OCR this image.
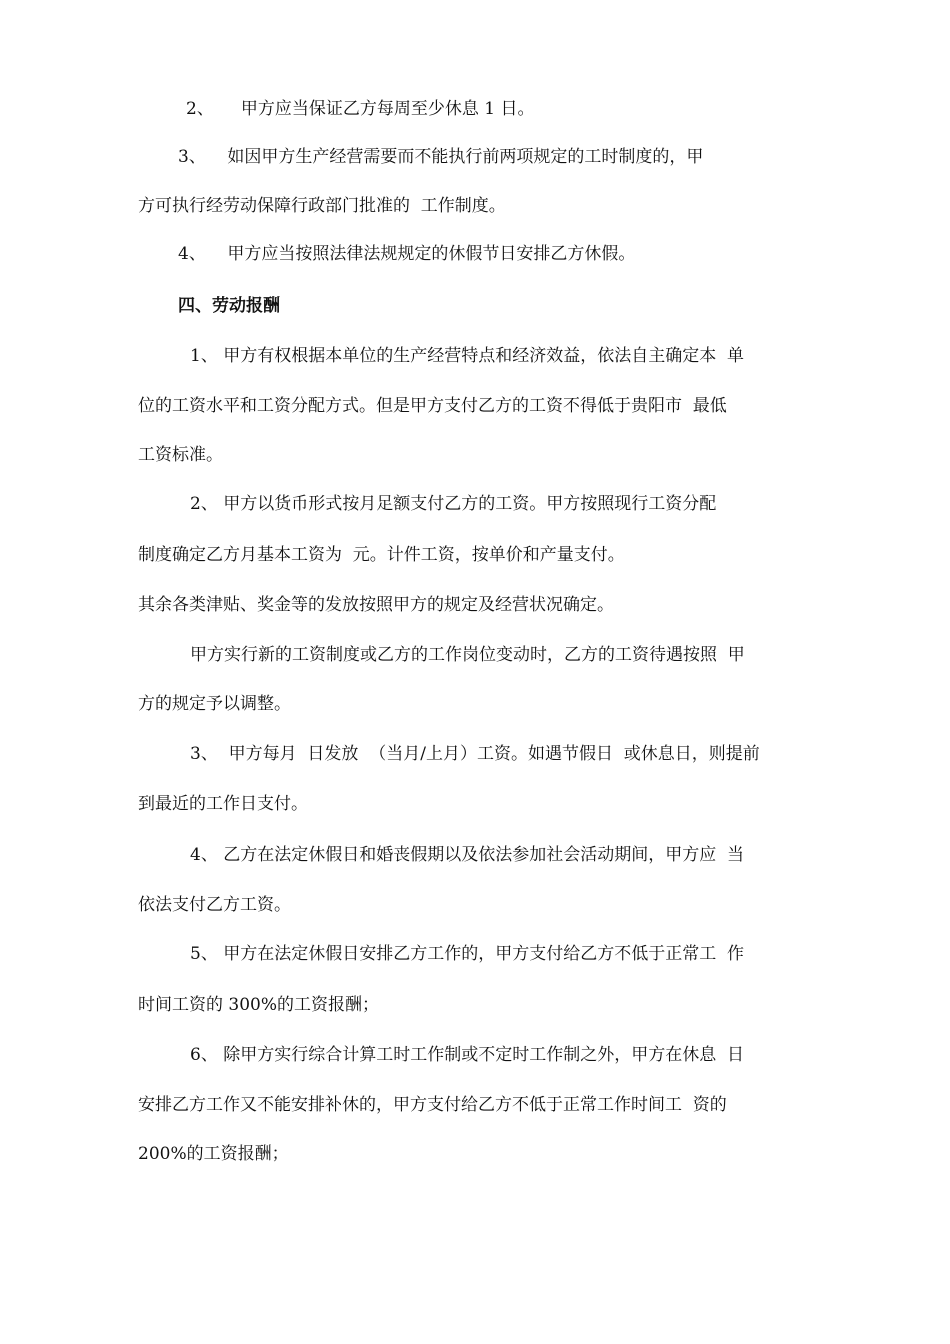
2、     甲方应当保证乙方每周至少休息 1 日。
3、    如因甲方生产经营需要而不能执行前两项规定的工时制度的，甲
方可执行经劳动保障行政部门批准的  工作制度。
4、    甲方应当按照法律法规规定的休假节日安排乙方休假。
四、劳动报酬
1、 甲方有权根据本单位的生产经营特点和经济效益，依法自主确定本  单
位的工资水平和工资分配方式。但是甲方支付乙方的工资不得低于贵阳市  最低
工资标准。
2、 甲方以货币形式按月足额支付乙方的工资。甲方按照现行工资分配
制度确定乙方月基本工资为  元。计件工资，按单价和产量支付。
其余各类津贴、奖金等的发放按照甲方的规定及经营状况确定。
甲方实行新的工资制度或乙方的工作岗位变动时，乙方的工资待遇按照  甲
方的规定予以调整。
3、  甲方每月  日发放  （当月/上月）工资。如遇节假日  或休息日，则提前
到最近的工作日支付。
4、 乙方在法定休假日和婚丧假期以及依法参加社会活动期间，甲方应  当
依法支付乙方工资。
5、 甲方在法定休假日安排乙方工作的，甲方支付给乙方不低于正常工  作
时间工资的 300%的工资报酬；
6、 除甲方实行综合计算工时工作制或不定时工作制之外，甲方在休息  日
安排乙方工作又不能安排补休的，甲方支付给乙方不低于正常工作时间工  资的
200%的工资报酬；
